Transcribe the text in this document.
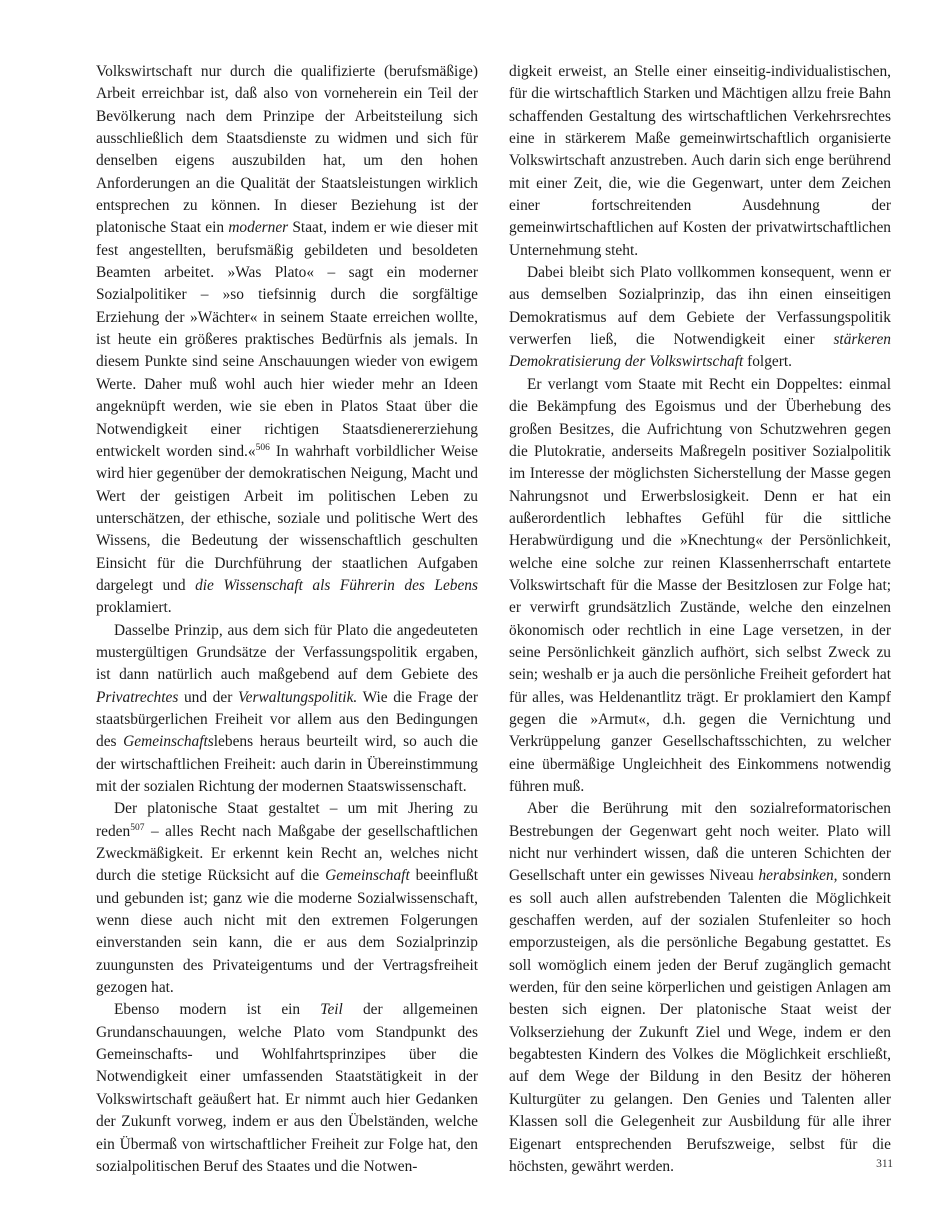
Volkswirtschaft nur durch die qualifizierte (berufsmäßige) Arbeit erreichbar ist, daß also von vorneherein ein Teil der Bevölkerung nach dem Prinzipe der Arbeitsteilung sich ausschließlich dem Staatsdienste zu widmen und sich für denselben eigens auszubilden hat, um den hohen Anforderungen an die Qualität der Staatsleistungen wirklich entsprechen zu können. In dieser Beziehung ist der platonische Staat ein moderner Staat, indem er wie dieser mit fest angestellten, berufsmäßig gebildeten und besoldeten Beamten arbeitet. »Was Plato« – sagt ein moderner Sozialpolitiker – »so tiefsinnig durch die sorgfältige Erziehung der »Wächter« in seinem Staate erreichen wollte, ist heute ein größeres praktisches Bedürfnis als jemals. In diesem Punkte sind seine Anschauungen wieder von ewigem Werte. Daher muß wohl auch hier wieder mehr an Ideen angeknüpft werden, wie sie eben in Platos Staat über die Notwendigkeit einer richtigen Staatsdienererziehung entwickelt worden sind.«$^{506}$ In wahrhaft vorbildlicher Weise wird hier gegenüber der demokratischen Neigung, Macht und Wert der geistigen Arbeit im politischen Leben zu unterschätzen, der ethische, soziale und politische Wert des Wissens, die Bedeutung der wissenschaftlich geschulten Einsicht für die Durchführung der staatlichen Aufgaben dargelegt und die Wissenschaft als Führerin des Lebens proklamiert.

Dasselbe Prinzip, aus dem sich für Plato die angedeuteten mustergültigen Grundsätze der Verfassungspolitik ergaben, ist dann natürlich auch maßgebend auf dem Gebiete des Privatrechtes und der Verwaltungspolitik. Wie die Frage der staatsbürgerlichen Freiheit vor allem aus den Bedingungen des Gemeinschaftslebens heraus beurteilt wird, so auch die der wirtschaftlichen Freiheit: auch darin in Übereinstimmung mit der sozialen Richtung der modernen Staatswissenschaft.

Der platonische Staat gestaltet – um mit Jhering zu reden$^{507}$ – alles Recht nach Maßgabe der gesellschaftlichen Zweckmäßigkeit. Er erkennt kein Recht an, welches nicht durch die stetige Rücksicht auf die Gemeinschaft beeinflußt und gebunden ist; ganz wie die moderne Sozialwissenschaft, wenn diese auch nicht mit den extremen Folgerungen einverstanden sein kann, die er aus dem Sozialprinzip zuungunsten des Privateigentums und der Vertragsfreiheit gezogen hat.

Ebenso modern ist ein Teil der allgemeinen Grundanschauungen, welche Plato vom Standpunkt des Gemeinschafts- und Wohlfahrtsprinzipes über die Notwendigkeit einer umfassenden Staatstätigkeit in der Volkswirtschaft geäußert hat. Er nimmt auch hier Gedanken der Zukunft vorweg, indem er aus den Übelständen, welche ein Übermaß von wirtschaftlicher Freiheit zur Folge hat, den sozialpolitischen Beruf des Staates und die Notwen-

digkeit erweist, an Stelle einer einseitig-individualistischen, für die wirtschaftlich Starken und Mächtigen allzu freie Bahn schaffenden Gestaltung des wirtschaftlichen Verkehrsrechtes eine in stärkerem Maße gemeinwirtschaftlich organisierte Volkswirtschaft anzustreben. Auch darin sich enge berührend mit einer Zeit, die, wie die Gegenwart, unter dem Zeichen einer fortschreitenden Ausdehnung der gemeinwirtschaftlichen auf Kosten der privatwirtschaftlichen Unternehmung steht.

Dabei bleibt sich Plato vollkommen konsequent, wenn er aus demselben Sozialprinzip, das ihn einen einseitigen Demokratismus auf dem Gebiete der Verfassungspolitik verwerfen ließ, die Notwendigkeit einer stärkeren Demokratisierung der Volkswirtschaft folgert.

Er verlangt vom Staate mit Recht ein Doppeltes: einmal die Bekämpfung des Egoismus und der Überhebung des großen Besitzes, die Aufrichtung von Schutzwehren gegen die Plutokratie, anderseits Maßregeln positiver Sozialpolitik im Interesse der möglichsten Sicherstellung der Masse gegen Nahrungsnot und Erwerbslosigkeit. Denn er hat ein außerordentlich lebhaftes Gefühl für die sittliche Herabwürdigung und die »Knechtung« der Persönlichkeit, welche eine solche zur reinen Klassenherrschaft entartete Volkswirtschaft für die Masse der Besitzlosen zur Folge hat; er verwirft grundsätzlich Zustände, welche den einzelnen ökonomisch oder rechtlich in eine Lage versetzen, in der seine Persönlichkeit gänzlich aufhört, sich selbst Zweck zu sein; weshalb er ja auch die persönliche Freiheit gefordert hat für alles, was Heldenantlitz trägt. Er proklamiert den Kampf gegen die »Armut«, d.h. gegen die Vernichtung und Verkrüppelung ganzer Gesellschaftsschichten, zu welcher eine übermäßige Ungleichheit des Einkommens notwendig führen muß.

Aber die Berührung mit den sozialreformatorischen Bestrebungen der Gegenwart geht noch weiter. Plato will nicht nur verhindert wissen, daß die unteren Schichten der Gesellschaft unter ein gewisses Niveau herabsinken, sondern es soll auch allen aufstrebenden Talenten die Möglichkeit geschaffen werden, auf der sozialen Stufenleiter so hoch emporzusteigen, als die persönliche Begabung gestattet. Es soll womöglich einem jeden der Beruf zugänglich gemacht werden, für den seine körperlichen und geistigen Anlagen am besten sich eignen. Der platonische Staat weist der Volkserziehung der Zukunft Ziel und Wege, indem er den begabtesten Kindern des Volkes die Möglichkeit erschließt, auf dem Wege der Bildung in den Besitz der höheren Kulturgüter zu gelangen. Den Genies und Talenten aller Klassen soll die Gelegenheit zur Ausbildung für alle ihrer Eigenart entsprechenden Berufszweige, selbst für die höchsten, gewährt werden.	311
